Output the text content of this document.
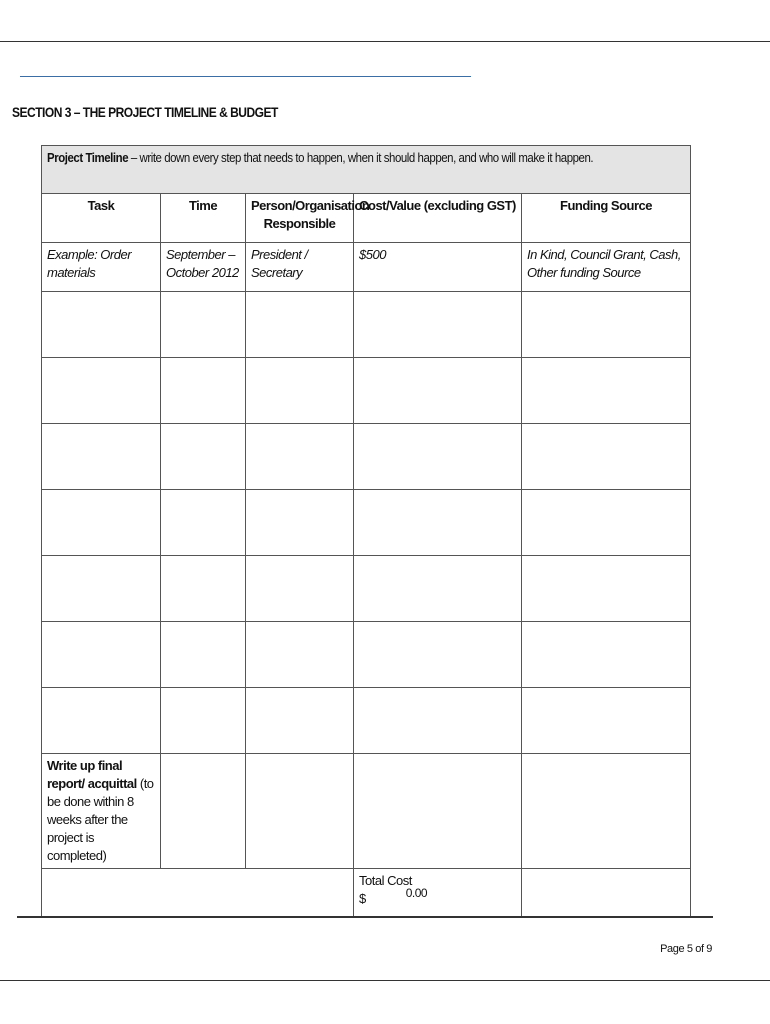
SECTION 3 – THE PROJECT TIMELINE & BUDGET
Project Timeline – write down every step that needs to happen, when it should happen, and who will make it happen.				

Task	Time	Person/Organisation Responsible	Cost/Value (excluding GST)	Funding Source
Example: Order materials	September – October 2012	President / Secretary	$500	In Kind, Council Grant, Cash, Other funding Source

Write up final report/ acquittal (to be done within 8 weeks after the project is completed)				

			Total Cost
$ 0.00	

Page 5 of 9
